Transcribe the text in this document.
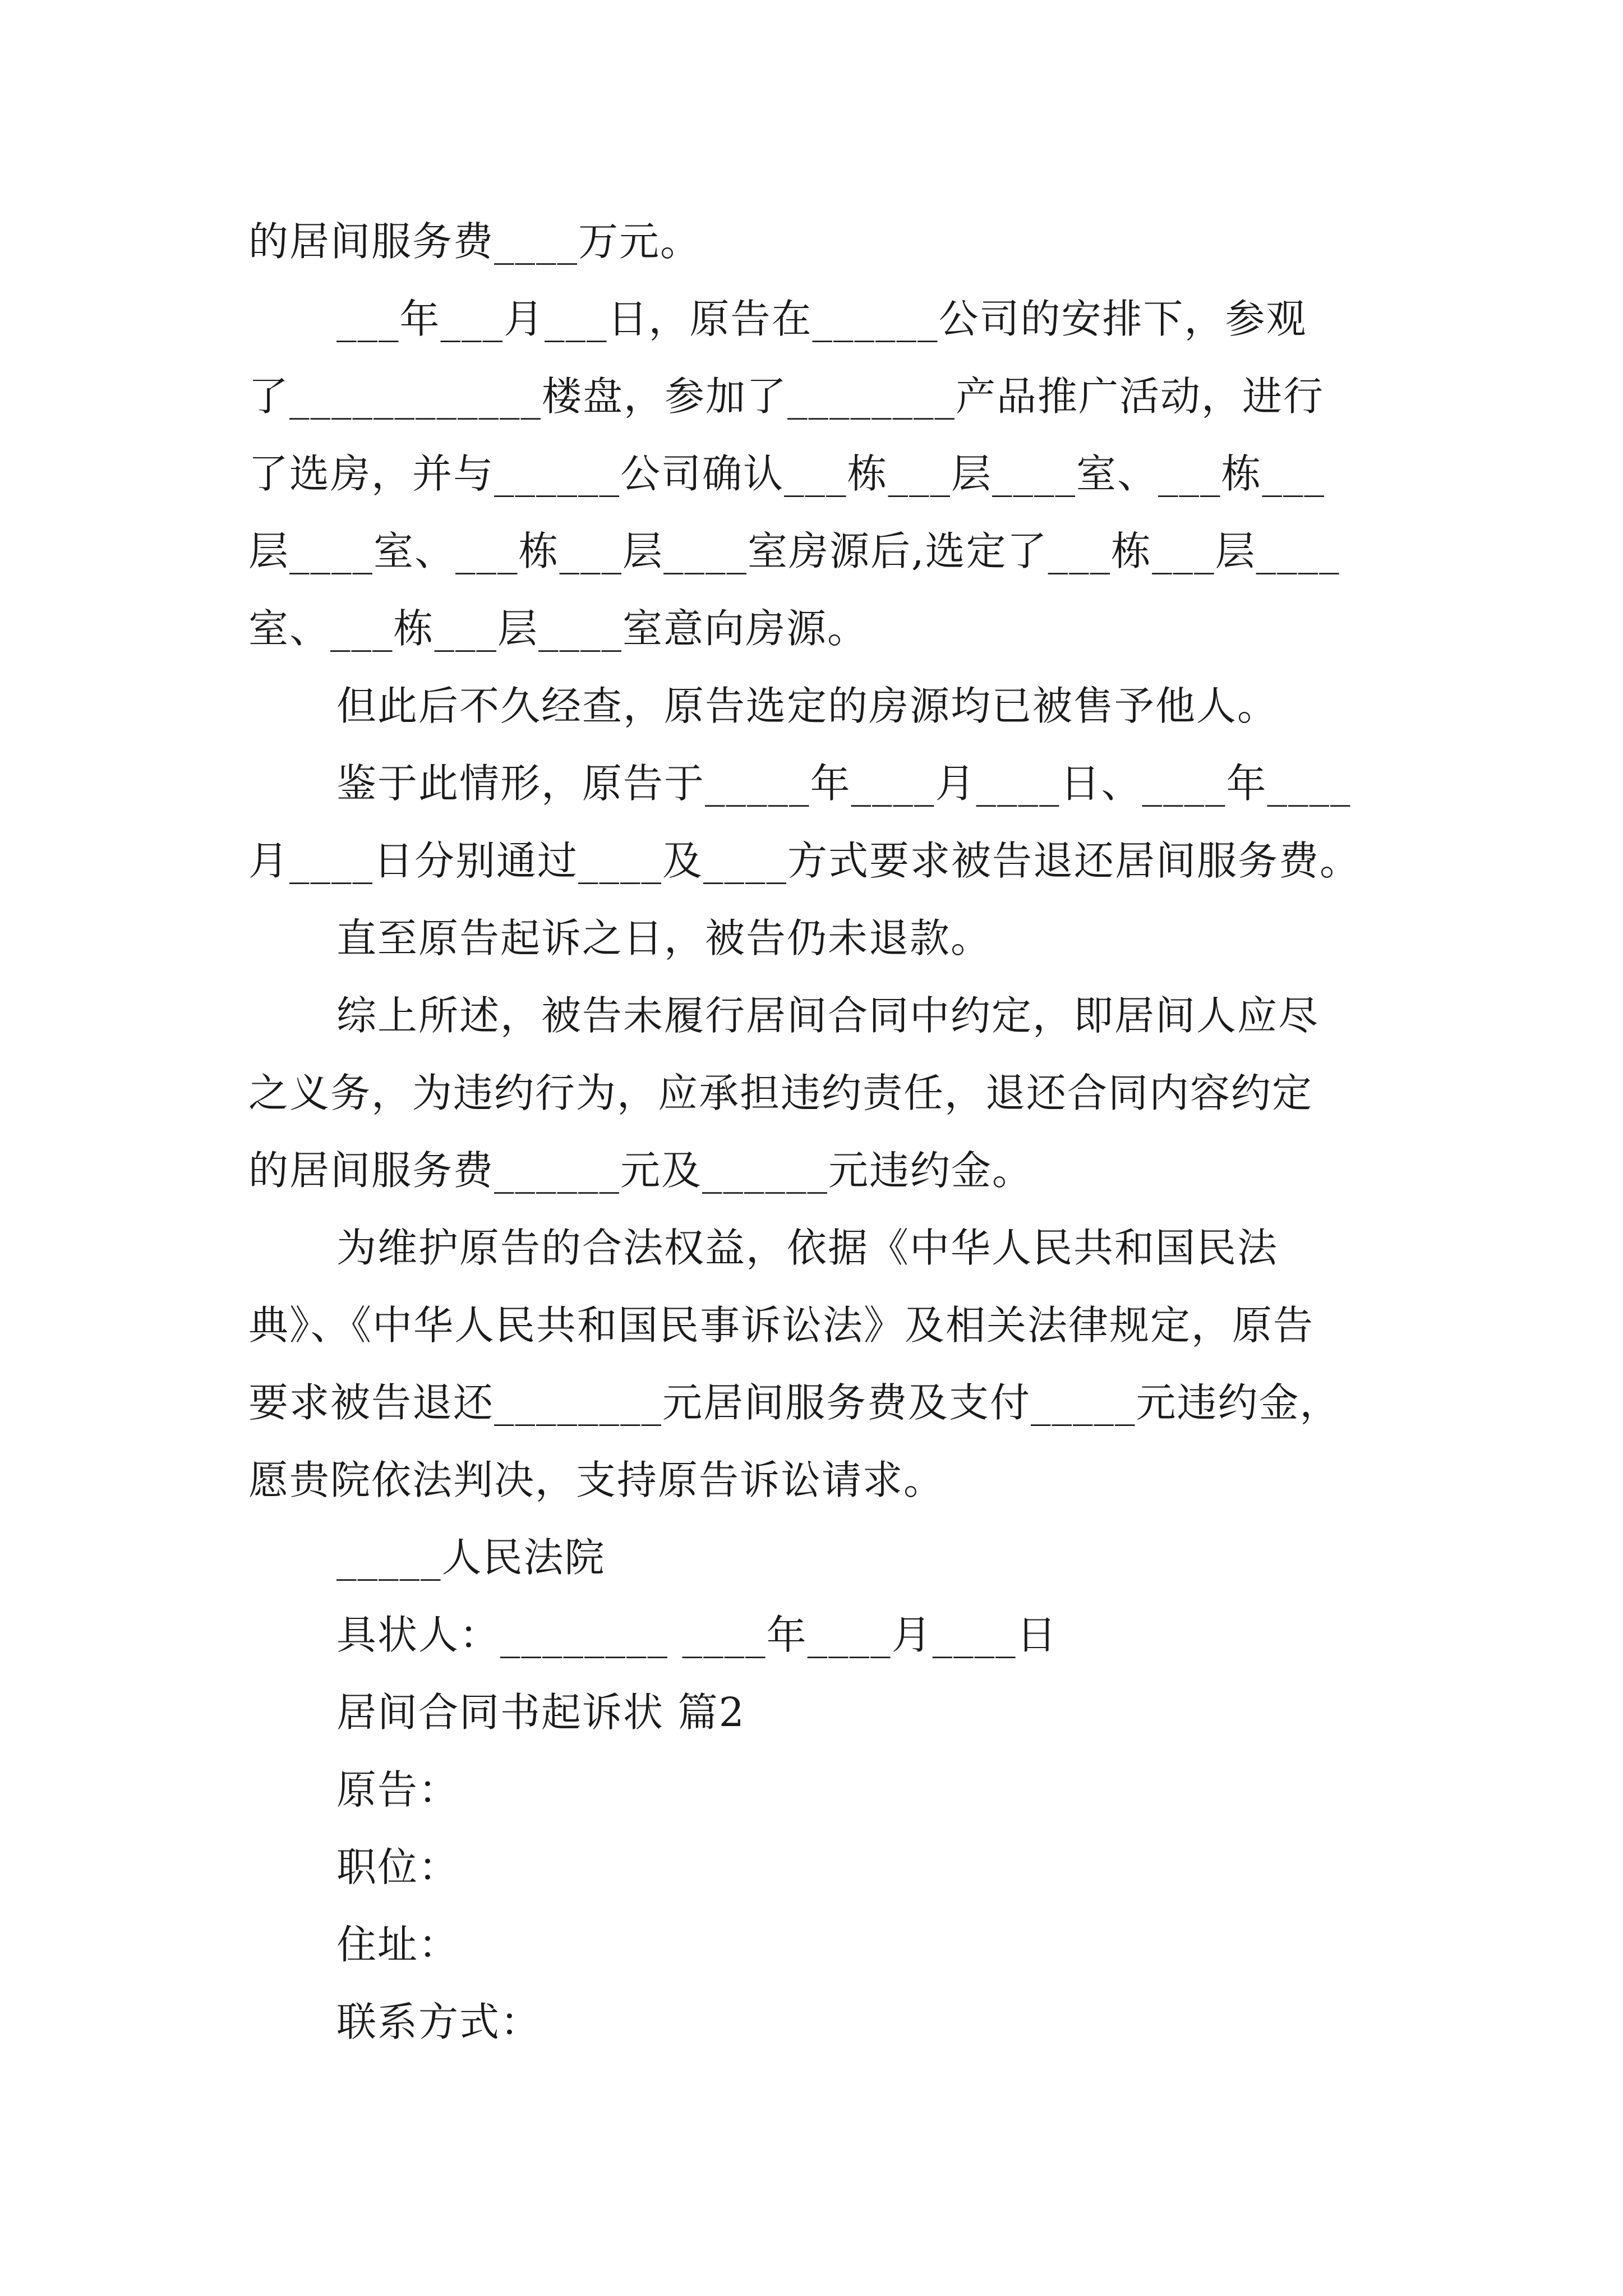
的居间服务费____万元。
___年___月___日，原告在______公司的安排下，参观
了____________楼盘，参加了________产品推广活动，进行
了选房，并与______公司确认___栋___层____室、___栋___
层____室、___栋___层____室房源后,选定了___栋___层____
室、___栋___层____室意向房源。
但此后不久经查，原告选定的房源均已被售予他人。
鉴于此情形，原告于_____年____月____日、____年____
月____日分别通过____及____方式要求被告退还居间服务费。
直至原告起诉之日，被告仍未退款。
综上所述，被告未履行居间合同中约定，即居间人应尽
之义务，为违约行为，应承担违约责任，退还合同内容约定
的居间服务费______元及______元违约金。
为维护原告的合法权益，依据《中华人民共和国民法
典》、《中华人民共和国民事诉讼法》及相关法律规定，原告
要求被告退还________元居间服务费及支付_____元违约金，
愿贵院依法判决，支持原告诉讼请求。
_____人民法院
具状人：________ ____年____月____日
居间合同书起诉状 篇2
原告：
职位：
住址：
联系方式：
